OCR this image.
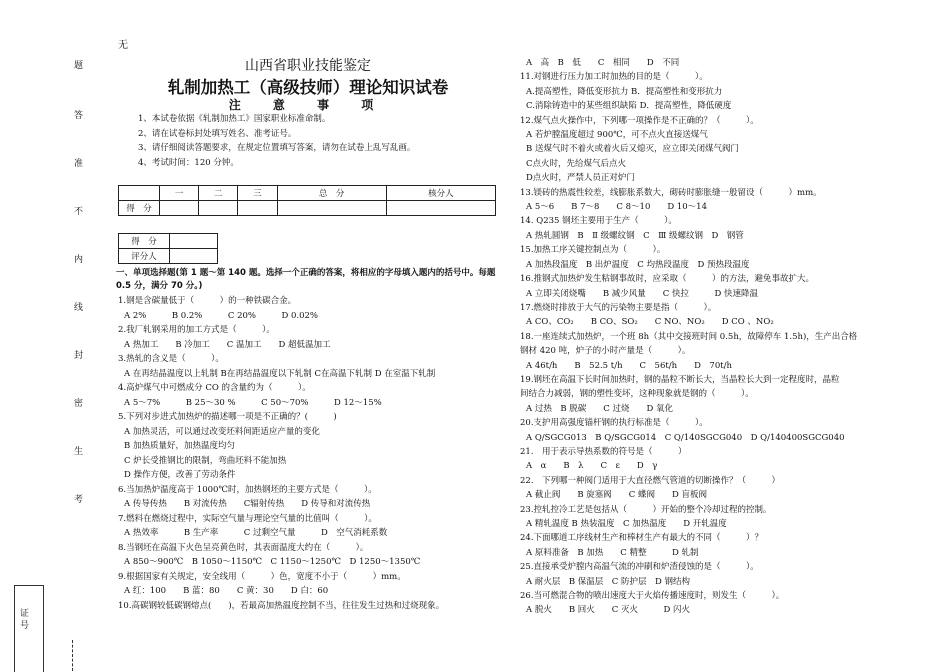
无
题
答
准
不
内
线
封
密
生
考
证号
山西省职业技能鉴定
轧制加热工（高级技师）理论知识试卷
注 意 事 项
1、本试卷依据《轧制加热工》国家职业标准命制。
2、请在试卷标封处填写姓名、准考证号。
3、请仔细阅读答题要求，在规定位置填写答案，请勿在试卷上乱写乱画。
4、考试时间：120 分钟。
	一	二	三	总　分	核分人
得　分					
得　分	
评分人	
一、单项选择题(第 1 题～第 140 题。选择一个正确的答案，将相应的字母填入题内的括号中。每题 0.5 分，满分 70 分。)
1.钢是含碳量低于（　　　）的一种铁碳合金。
A 2%　　　B 0.2%　　　C 20%　　　D 0.02%
2.我厂轧钢采用的加工方式是（　　　）。
A 热加工　　B 冷加工　　C 温加工　　D 超低温加工
3.热轧的含义是（　　　）。
A 在再结晶温度以上轧制 B在再结晶温度以下轧制 C在高温下轧制 D 在室温下轧制
4.高炉煤气中可燃成分 CO 的含量约为（　　　）。
A 5～7%　　　B 25～30 %　　　C 50～70%　　　D 12～15%
5.下列对步进式加热炉的描述哪一项是不正确的？(　　　)
A 加热灵活，可以通过改变坯料间距适应产量的变化
B 加热质量好，加热温度均匀
C 炉长受推钢比的限制，弯曲坯料不能加热
D 操作方便，改善了劳动条件
6.当加热炉温度高于 1000℃时，加热钢坯的主要方式是（　　　）。
A 传导传热　　B 对流传热　　C辐射传热　　D 传导和对流传热
7.燃料在燃烧过程中，实际空气量与理论空气量的比值叫（　　　）。
A 热效率　　　B 生产率　　　C 过剩空气量　　　D　空气消耗系数
8.当钢坯在高温下火色呈亮黄色时，其表面温度大约在（　　　）。
A 850～900℃　B 1050～1150℃　C 1150～1250℃　D 1250～1350℃
9.根据国家有关规定，安全线用（　　　）色，宽度不小于（　　　）mm。
A 红：100　　B 蓝：80　　C 黄：30　　D 白：60
10.高碳钢较低碳钢熔点(　　)，若最高加热温度控制不当，往往发生过热和过烧现象。
A　高　B　低　　C　相同　　D　不同
11.对钢进行压力加工时加热的目的是（　　　）。
A.提高塑性，降低变形抗力 B．提高塑性和变形抗力
C.消除铸造中的某些组织缺陷 D．提高塑性，降低硬度
12.煤气点火操作中，下列哪一项操作是不正确的？（　　　）。
A 若炉膛温度超过 900℃，可不点火直接送煤气
B 送煤气时不着火或着火后又熄灭，应立即关闭煤气阀门
C点火时，先给煤气后点火
D点火时，严禁人员正对炉门
13.镁砖的热震性较差，线膨胀系数大，砌砖时膨胀缝一般留设（　　　）mm。
A 5～6　　B 7～8　　C 8～10　　D 10～14
14. Q235 钢坯主要用于生产（　　　）。
A 热轧圆钢　B　Ⅱ 级螺纹钢　C　Ⅲ 级螺纹钢　D　钢管
15.加热工序关键控制点为（　　　）。
A 加热段温度　B 出炉温度　C 均热段温度　D 预热段温度
16.推钢式加热炉发生粘钢事故时，应采取（　　　）的方法，避免事故扩大。
A 立即关闭烧嘴　　B 减少风量　　C 快拉　　　D 快速降温
17.燃烧时排放于大气的污染物主要是指（　　　）。
A CO、CO₂　　B CO、SO₂　　C NO、NO₂　　D CO 、NO₂
18.一座连续式加热炉，一个班 8h（其中交接班时间 0.5h，故障停车 1.5h)，生产出合格
钢材 420 吨，炉子的小时产量是（　　　）。
A 46t/h　　B　52.5 t/h　　C　56t/h　　D　70t/h
19.钢坯在高温下长时间加热时，钢的晶粒不断长大，当晶粒长大到一定程度时，晶粒
间结合力减弱，钢的塑性变坏，这种现象就是钢的（　　　）。
A 过热　B 脱碳　　C 过烧　　D 氧化
20.支护用高强度锚杆钢的执行标准是（　　　）。
A Q/SGCG013　B Q/SGCG014　C Q/140SGCG040　D Q/140400SGCG040
21.　用于表示导热系数的符号是（　　　）
A　α　　B　λ　　C　ε　　D　γ
22.　下列哪一种阀门适用于大直径燃气管道的切断操作？（　　　）
A 截止阀　　B 旋塞阀　　C 蝶阀　　D 盲板阀
23.控轧控冷工艺是包括从（　　　）开始的整个冷却过程的控制。
A 精轧温度 B 热装温度　C 加热温度　　D 开轧温度
24.下面哪道工序线材生产和棒材生产有最大的不同（　　　）？
A 原料准备　B 加热　　C 精整　　　D 轧制
25.直接承受炉膛内高温气流的冲刷和炉渣侵蚀的是（　　　）。
A 耐火层　B 保温层　C 防护层　D 钢结构
26.当可燃混合物的喷出速度大于火焰传播速度时，则发生（　　　）。
A 脱火　　B 回火　　C 灭火　　　D 闪火
